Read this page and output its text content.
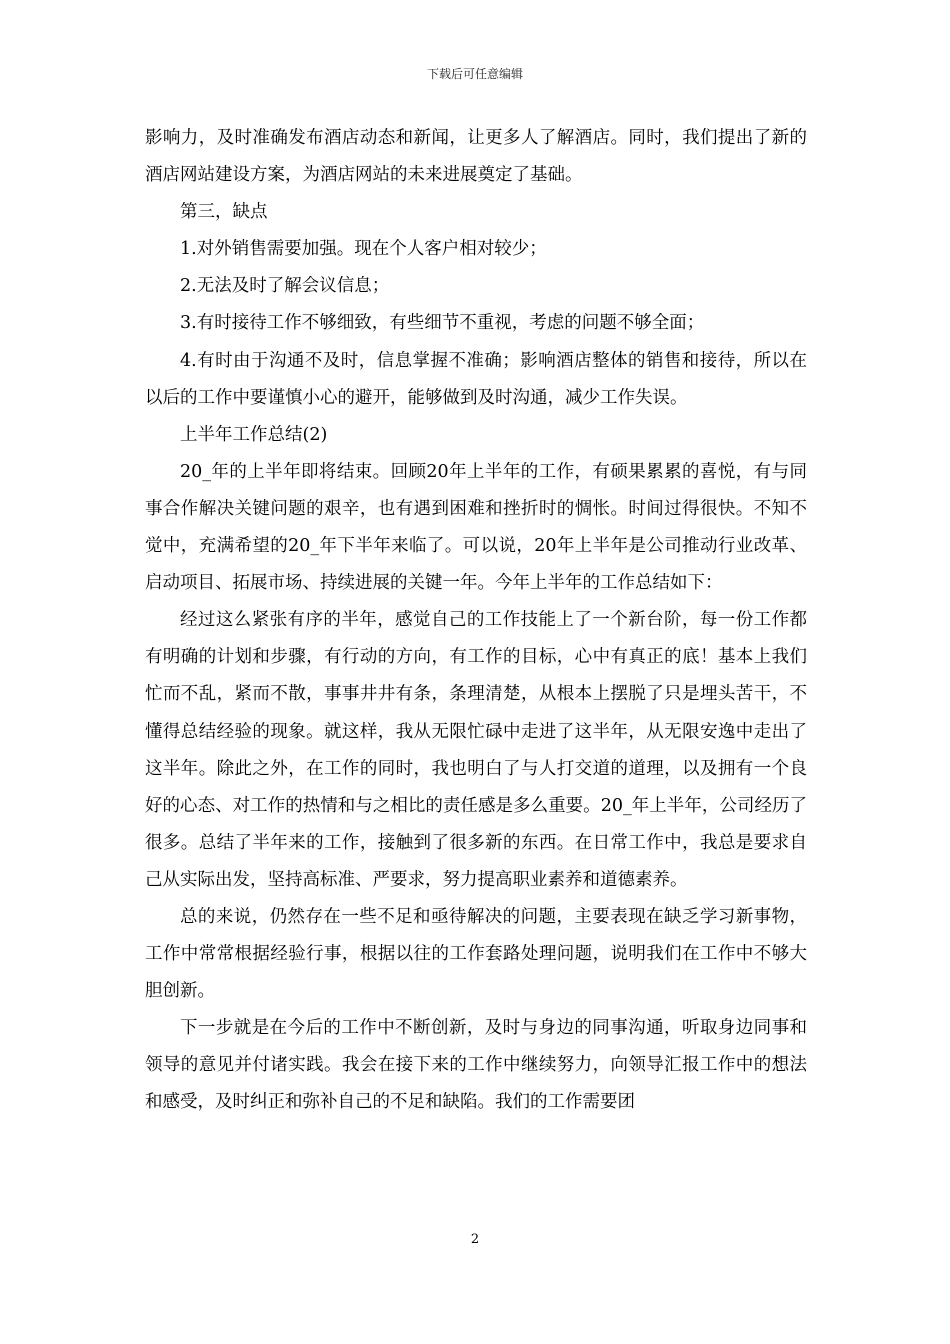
下载后可任意编辑

影响力，及时准确发布酒店动态和新闻，让更多人了解酒店。同时，我们提出了新的酒店网站建设方案，为酒店网站的未来进展奠定了基础。

第三，缺点

1.对外销售需要加强。现在个人客户相对较少；

2.无法及时了解会议信息；

3.有时接待工作不够细致，有些细节不重视，考虑的问题不够全面；

4.有时由于沟通不及时，信息掌握不准确；影响酒店整体的销售和接待，所以在以后的工作中要谨慎小心的避开，能够做到及时沟通，减少工作失误。

上半年工作总结(2)

20_年的上半年即将结束。回顾20年上半年的工作，有硕果累累的喜悦，有与同事合作解决关键问题的艰辛，也有遇到困难和挫折时的惆怅。时间过得很快。不知不觉中，充满希望的20_年下半年来临了。可以说，20年上半年是公司推动行业改革、启动项目、拓展市场、持续进展的关键一年。今年上半年的工作总结如下：

经过这么紧张有序的半年，感觉自己的工作技能上了一个新台阶，每一份工作都有明确的计划和步骤，有行动的方向，有工作的目标，心中有真正的底！基本上我们忙而不乱，紧而不散，事事井井有条，条理清楚，从根本上摆脱了只是埋头苦干，不懂得总结经验的现象。就这样，我从无限忙碌中走进了这半年，从无限安逸中走出了这半年。除此之外，在工作的同时，我也明白了与人打交道的道理，以及拥有一个良好的心态、对工作的热情和与之相比的责任感是多么重要。20_年上半年，公司经历了很多。总结了半年来的工作，接触到了很多新的东西。在日常工作中，我总是要求自己从实际出发，坚持高标准、严要求，努力提高职业素养和道德素养。

总的来说，仍然存在一些不足和亟待解决的问题，主要表现在缺乏学习新事物，工作中常常根据经验行事，根据以往的工作套路处理问题，说明我们在工作中不够大胆创新。

下一步就是在今后的工作中不断创新，及时与身边的同事沟通，听取身边同事和领导的意见并付诸实践。我会在接下来的工作中继续努力，向领导汇报工作中的想法和感受，及时纠正和弥补自己的不足和缺陷。我们的工作需要团

2
